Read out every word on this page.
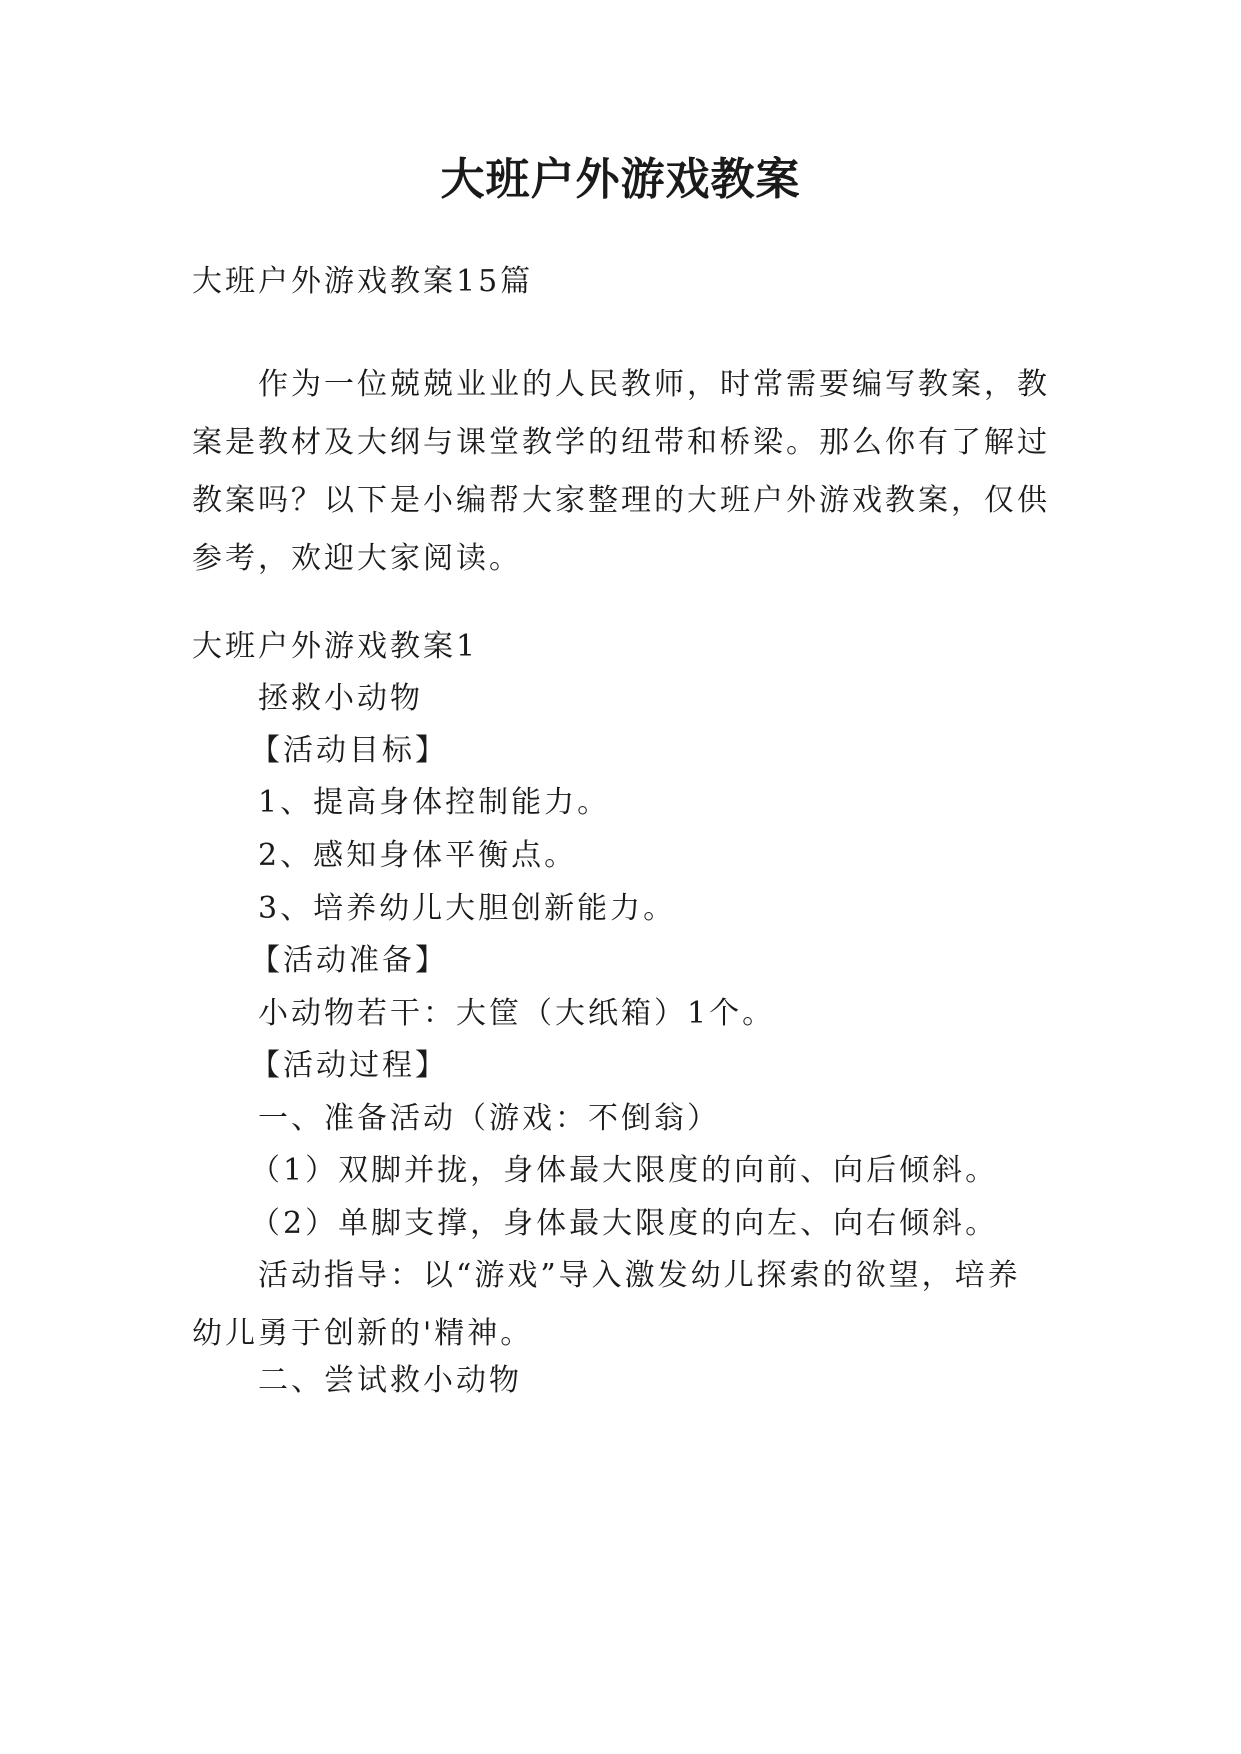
大班户外游戏教案

大班户外游戏教案15篇

作为一位兢兢业业的人民教师，时常需要编写教案，教案是教材及大纲与课堂教学的纽带和桥梁。那么你有了解过教案吗？以下是小编帮大家整理的大班户外游戏教案，仅供参考，欢迎大家阅读。

大班户外游戏教案1

拯救小动物

【活动目标】

1、提高身体控制能力。

2、感知身体平衡点。

3、培养幼儿大胆创新能力。

【活动准备】

小动物若干：大筐（大纸箱）1个。

【活动过程】

一、准备活动（游戏：不倒翁）

（1）双脚并拢，身体最大限度的向前、向后倾斜。

（2）单脚支撑，身体最大限度的向左、向右倾斜。

活动指导：以“游戏”导入激发幼儿探索的欲望，培养幼儿勇于创新的'精神。

二、尝试救小动物
